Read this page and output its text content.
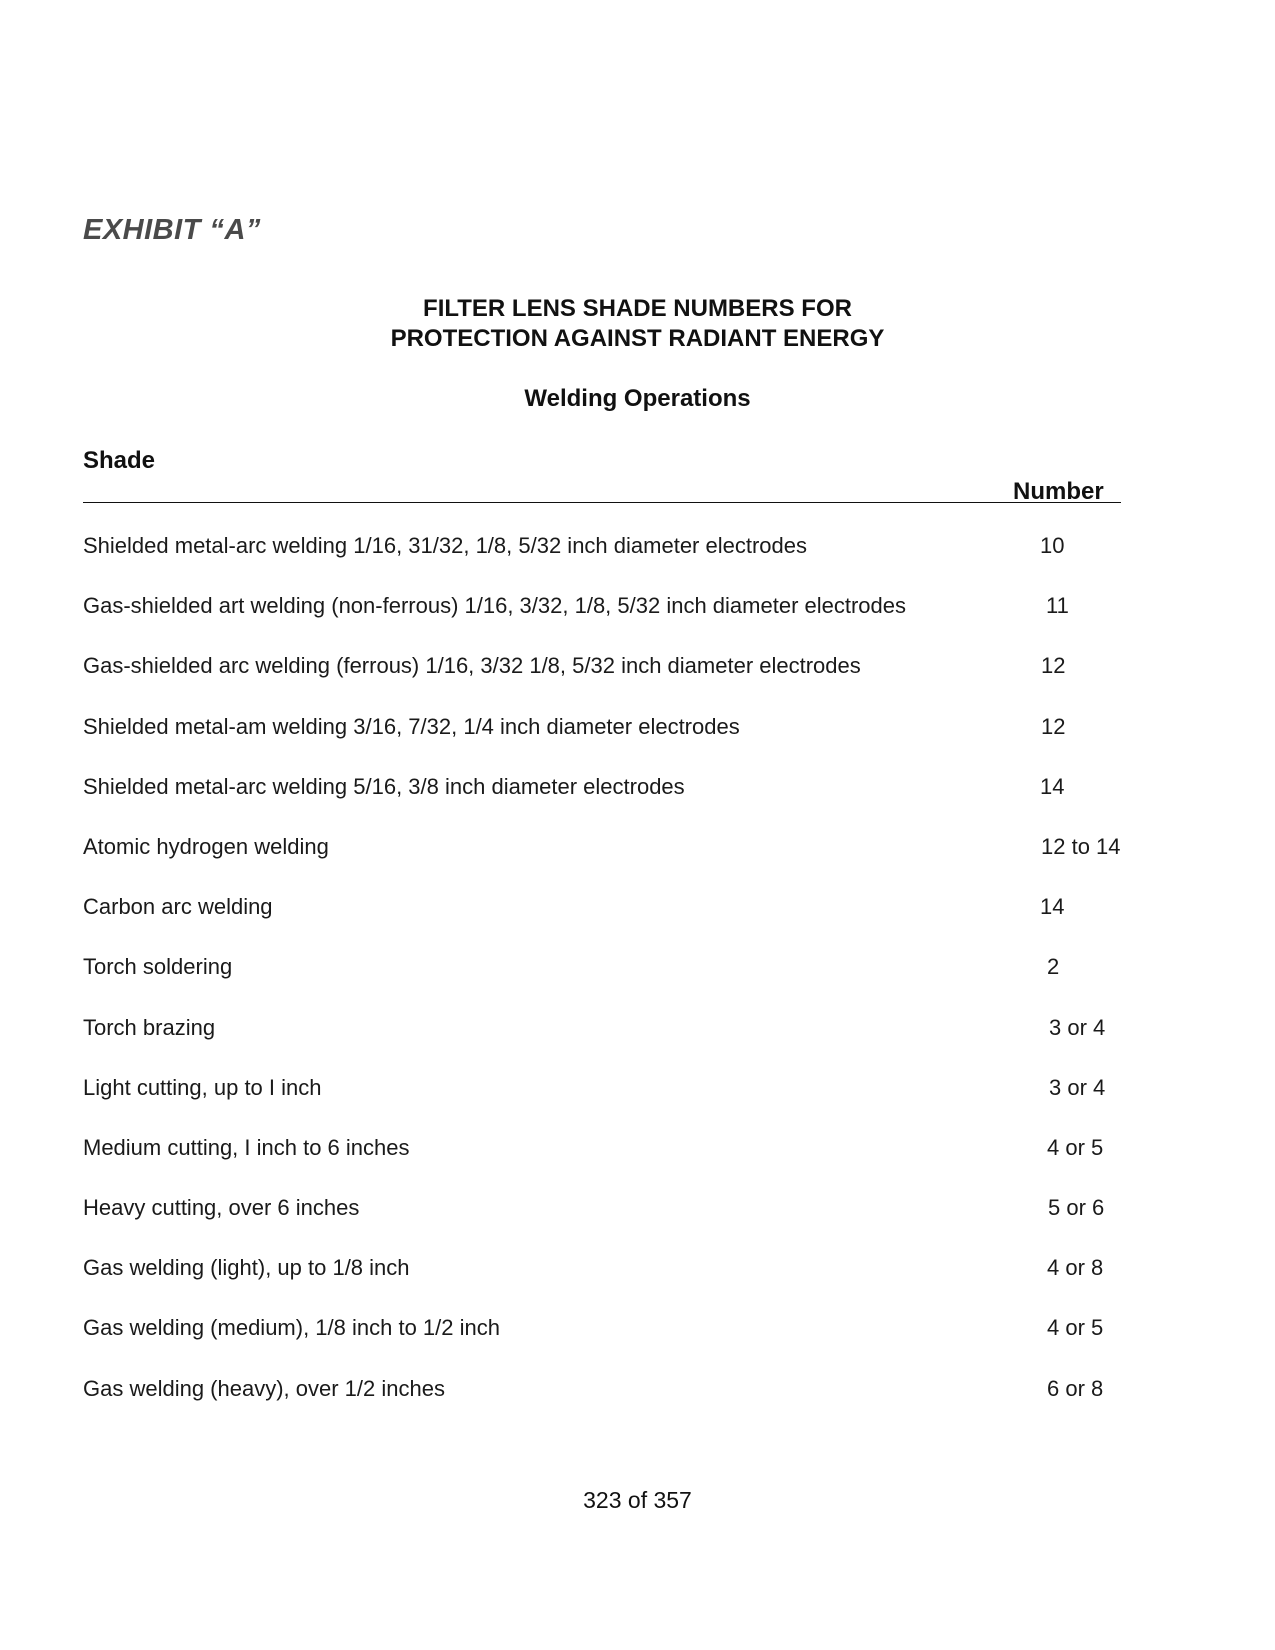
EXHIBIT “A”
FILTER LENS SHADE NUMBERS FOR
PROTECTION AGAINST RADIANT ENERGY
Welding Operations
Shade
Number
Shielded metal-arc welding 1/16, 31/32, 1/8, 5/32 inch diameter electrodes	10
Gas-shielded art welding (non-ferrous) 1/16, 3/32, 1/8, 5/32 inch diameter electrodes	11
Gas-shielded arc welding (ferrous) 1/16, 3/32 1/8, 5/32 inch diameter electrodes	12
Shielded metal-am welding 3/16, 7/32, 1/4 inch diameter electrodes	12
Shielded metal-arc welding 5/16, 3/8 inch diameter electrodes	14
Atomic hydrogen welding	12 to 14
Carbon arc welding	14
Torch soldering	2
Torch brazing	3 or 4
Light cutting, up to I inch	3 or 4
Medium cutting, I inch to 6 inches	4 or 5
Heavy cutting, over 6 inches	5 or 6
Gas welding (light), up to 1/8 inch	4 or 8
Gas welding (medium), 1/8 inch to 1/2 inch	4 or 5
Gas welding (heavy), over 1/2 inches	6 or 8
323 of 357
